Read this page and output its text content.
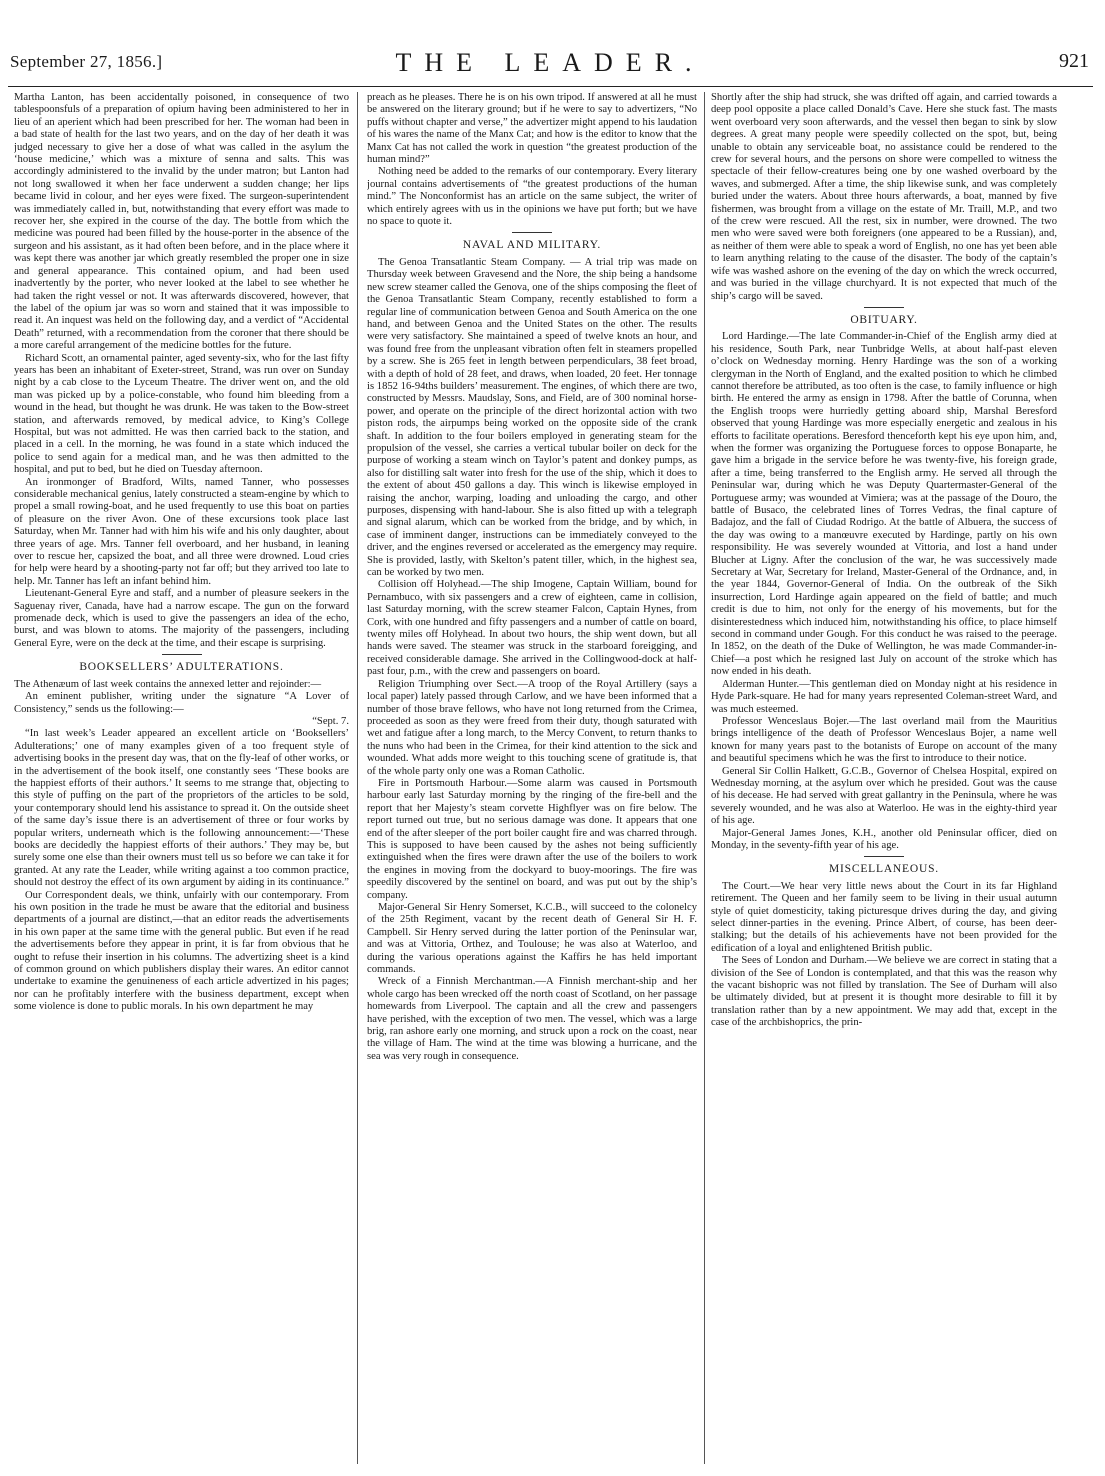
September 27, 1856.]	THE LEADER.	921

Martha Lanton, has been accidentally poisoned, in consequence of two tablespoonsfuls of a preparation of opium having been administered to her in lieu of an aperient which had been prescribed for her. The woman had been in a bad state of health for the last two years, and on the day of her death it was judged necessary to give her a dose of what was called in the asylum the ‘house medicine,’ which was a mixture of senna and salts. This was accordingly administered to the invalid by the under matron; but Lanton had not long swallowed it when her face underwent a sudden change; her lips became livid in colour, and her eyes were fixed. The surgeon-superintendent was immediately called in, but, notwithstanding that every effort was made to recover her, she expired in the course of the day. The bottle from which the medicine was poured had been filled by the house-porter in the absence of the surgeon and his assistant, as it had often been before, and in the place where it was kept there was another jar which greatly resembled the proper one in size and general appearance. This contained opium, and had been used inadvertently by the porter, who never looked at the label to see whether he had taken the right vessel or not. It was afterwards discovered, however, that the label of the opium jar was so worn and stained that it was impossible to read it. An inquest was held on the following day, and a verdict of “Accidental Death” returned, with a recommendation from the coroner that there should be a more careful arrangement of the medicine bottles for the future.

Richard Scott, an ornamental painter, aged seventy-six, who for the last fifty years has been an inhabitant of Exeter-street, Strand, was run over on Sunday night by a cab close to the Lyceum Theatre. The driver went on, and the old man was picked up by a police-constable, who found him bleeding from a wound in the head, but thought he was drunk. He was taken to the Bow-street station, and afterwards removed, by medical advice, to King’s College Hospital, but was not admitted. He was then carried back to the station, and placed in a cell. In the morning, he was found in a state which induced the police to send again for a medical man, and he was then admitted to the hospital, and put to bed, but he died on Tuesday afternoon.

An ironmonger of Bradford, Wilts, named Tanner, who possesses considerable mechanical genius, lately constructed a steam-engine by which to propel a small rowing-boat, and he used frequently to use this boat on parties of pleasure on the river Avon. One of these excursions took place last Saturday, when Mr. Tanner had with him his wife and his only daughter, about three years of age. Mrs. Tanner fell overboard, and her husband, in leaning over to rescue her, capsized the boat, and all three were drowned. Loud cries for help were heard by a shooting-party not far off; but they arrived too late to help. Mr. Tanner has left an infant behind him.

Lieutenant-General Eyre and staff, and a number of pleasure seekers in the Saguenay river, Canada, have had a narrow escape. The gun on the forward promenade deck, which is used to give the passengers an idea of the echo, burst, and was blown to atoms. The majority of the passengers, including General Eyre, were on the deck at the time, and their escape is surprising.

BOOKSELLERS’ ADULTERATIONS.

The Athenæum of last week contains the annexed letter and rejoinder:—

An eminent publisher, writing under the signature “A Lover of Consistency,” sends us the following:—

“Sept. 7.

“In last week’s Leader appeared an excellent article on ‘Booksellers’ Adulterations;’ one of many examples given of a too frequent style of advertising books in the present day was, that on the fly-leaf of other works, or in the advertisement of the book itself, one constantly sees ‘These books are the happiest efforts of their authors.’ It seems to me strange that, objecting to this style of puffing on the part of the proprietors of the articles to be sold, your contemporary should lend his assistance to spread it. On the outside sheet of the same day’s issue there is an advertisement of three or four works by popular writers, underneath which is the following announcement:—‘These books are decidedly the happiest efforts of their authors.’ They may be, but surely some one else than their owners must tell us so before we can take it for granted. At any rate the Leader, while writing against a too common practice, should not destroy the effect of its own argument by aiding in its continuance.”

Our Correspondent deals, we think, unfairly with our contemporary. From his own position in the trade he must be aware that the editorial and business departments of a journal are distinct,—that an editor reads the advertisements in his own paper at the same time with the general public. But even if he read the advertisements before they appear in print, it is far from obvious that he ought to refuse their insertion in his columns. The advertizing sheet is a kind of common ground on which publishers display their wares. An editor cannot undertake to examine the genuineness of each article advertized in his pages; nor can he profitably interfere with the business department, except when some violence is done to public morals. In his own department he may

preach as he pleases. There he is on his own tripod. If answered at all he must be answered on the literary ground; but if he were to say to advertizers, “No puffs without chapter and verse,” the advertizer might append to his laudation of his wares the name of the Manx Cat; and how is the editor to know that the Manx Cat has not called the work in question “the greatest production of the human mind?”

Nothing need be added to the remarks of our contemporary. Every literary journal contains advertisements of “the greatest productions of the human mind.” The Nonconformist has an article on the same subject, the writer of which entirely agrees with us in the opinions we have put forth; but we have no space to quote it.

NAVAL AND MILITARY.

The Genoa Transatlantic Steam Company. — A trial trip was made on Thursday week between Gravesend and the Nore, the ship being a handsome new screw steamer called the Genova, one of the ships composing the fleet of the Genoa Transatlantic Steam Company, recently established to form a regular line of communication between Genoa and South America on the one hand, and between Genoa and the United States on the other. The results were very satisfactory. She maintained a speed of twelve knots an hour, and was found free from the unpleasant vibration often felt in steamers propelled by a screw. She is 265 feet in length between perpendiculars, 38 feet broad, with a depth of hold of 28 feet, and draws, when loaded, 20 feet. Her tonnage is 1852 16-94ths builders’ measurement. The engines, of which there are two, constructed by Messrs. Maudslay, Sons, and Field, are of 300 nominal horse-power, and operate on the principle of the direct horizontal action with two piston rods, the airpumps being worked on the opposite side of the crank shaft. In addition to the four boilers employed in generating steam for the propulsion of the vessel, she carries a vertical tubular boiler on deck for the purpose of working a steam winch on Taylor’s patent and donkey pumps, as also for distilling salt water into fresh for the use of the ship, which it does to the extent of about 450 gallons a day. This winch is likewise employed in raising the anchor, warping, loading and unloading the cargo, and other purposes, dispensing with hand-labour. She is also fitted up with a telegraph and signal alarum, which can be worked from the bridge, and by which, in case of imminent danger, instructions can be immediately conveyed to the driver, and the engines reversed or accelerated as the emergency may require. She is provided, lastly, with Skelton’s patent tiller, which, in the highest sea, can be worked by two men.

Collision off Holyhead.—The ship Imogene, Captain William, bound for Pernambuco, with six passengers and a crew of eighteen, came in collision, last Saturday morning, with the screw steamer Falcon, Captain Hynes, from Cork, with one hundred and fifty passengers and a number of cattle on board, twenty miles off Holyhead. In about two hours, the ship went down, but all hands were saved. The steamer was struck in the starboard foreigging, and received considerable damage. She arrived in the Collingwood-dock at half-past four, p.m., with the crew and passengers on board.

Religion Triumphing over Sect.—A troop of the Royal Artillery (says a local paper) lately passed through Carlow, and we have been informed that a number of those brave fellows, who have not long returned from the Crimea, proceeded as soon as they were freed from their duty, though saturated with wet and fatigue after a long march, to the Mercy Convent, to return thanks to the nuns who had been in the Crimea, for their kind attention to the sick and wounded. What adds more weight to this touching scene of gratitude is, that of the whole party only one was a Roman Catholic.

Fire in Portsmouth Harbour.—Some alarm was caused in Portsmouth harbour early last Saturday morning by the ringing of the fire-bell and the report that her Majesty’s steam corvette Highflyer was on fire below. The report turned out true, but no serious damage was done. It appears that one end of the after sleeper of the port boiler caught fire and was charred through. This is supposed to have been caused by the ashes not being sufficiently extinguished when the fires were drawn after the use of the boilers to work the engines in moving from the dockyard to buoy-moorings. The fire was speedily discovered by the sentinel on board, and was put out by the ship’s company.

Major-General Sir Henry Somerset, K.C.B., will succeed to the colonelcy of the 25th Regiment, vacant by the recent death of General Sir H. F. Campbell. Sir Henry served during the latter portion of the Peninsular war, and was at Vittoria, Orthez, and Toulouse; he was also at Waterloo, and during the various operations against the Kaffirs he has held important commands.

Wreck of a Finnish Merchantman.—A Finnish merchant-ship and her whole cargo has been wrecked off the north coast of Scotland, on her passage homewards from Liverpool. The captain and all the crew and passengers have perished, with the exception of two men. The vessel, which was a large brig, ran ashore early one morning, and struck upon a rock on the coast, near the village of Ham. The wind at the time was blowing a hurricane, and the sea was very rough in consequence.

Shortly after the ship had struck, she was drifted off again, and carried towards a deep pool opposite a place called Donald’s Cave. Here she stuck fast. The masts went overboard very soon afterwards, and the vessel then began to sink by slow degrees. A great many people were speedily collected on the spot, but, being unable to obtain any serviceable boat, no assistance could be rendered to the crew for several hours, and the persons on shore were compelled to witness the spectacle of their fellow-creatures being one by one washed overboard by the waves, and submerged. After a time, the ship likewise sunk, and was completely buried under the waters. About three hours afterwards, a boat, manned by five fishermen, was brought from a village on the estate of Mr. Traill, M.P., and two of the crew were rescued. All the rest, six in number, were drowned. The two men who were saved were both foreigners (one appeared to be a Russian), and, as neither of them were able to speak a word of English, no one has yet been able to learn anything relating to the cause of the disaster. The body of the captain’s wife was washed ashore on the evening of the day on which the wreck occurred, and was buried in the village churchyard. It is not expected that much of the ship’s cargo will be saved.

OBITUARY.

Lord Hardinge.—The late Commander-in-Chief of the English army died at his residence, South Park, near Tunbridge Wells, at about half-past eleven o’clock on Wednesday morning. Henry Hardinge was the son of a working clergyman in the North of England, and the exalted position to which he climbed cannot therefore be attributed, as too often is the case, to family influence or high birth. He entered the army as ensign in 1798. After the battle of Corunna, when the English troops were hurriedly getting aboard ship, Marshal Beresford observed that young Hardinge was more especially energetic and zealous in his efforts to facilitate operations. Beresford thenceforth kept his eye upon him, and, when the former was organizing the Portuguese forces to oppose Bonaparte, he gave him a brigade in the service before he was twenty-five, his foreign grade, after a time, being transferred to the English army. He served all through the Peninsular war, during which he was Deputy Quartermaster-General of the Portuguese army; was wounded at Vimiera; was at the passage of the Douro, the battle of Busaco, the celebrated lines of Torres Vedras, the final capture of Badajoz, and the fall of Ciudad Rodrigo. At the battle of Albuera, the success of the day was owing to a manœuvre executed by Hardinge, partly on his own responsibility. He was severely wounded at Vittoria, and lost a hand under Blucher at Ligny. After the conclusion of the war, he was successively made Secretary at War, Secretary for Ireland, Master-General of the Ordnance, and, in the year 1844, Governor-General of India. On the outbreak of the Sikh insurrection, Lord Hardinge again appeared on the field of battle; and much credit is due to him, not only for the energy of his movements, but for the disinterestedness which induced him, notwithstanding his office, to place himself second in command under Gough. For this conduct he was raised to the peerage. In 1852, on the death of the Duke of Wellington, he was made Commander-in-Chief—a post which he resigned last July on account of the stroke which has now ended in his death.

Alderman Hunter.—This gentleman died on Monday night at his residence in Hyde Park-square. He had for many years represented Coleman-street Ward, and was much esteemed.

Professor Wenceslaus Bojer.—The last overland mail from the Mauritius brings intelligence of the death of Professor Wenceslaus Bojer, a name well known for many years past to the botanists of Europe on account of the many and beautiful specimens which he was the first to introduce to their notice.

General Sir Collin Halkett, G.C.B., Governor of Chelsea Hospital, expired on Wednesday morning, at the asylum over which he presided. Gout was the cause of his decease. He had served with great gallantry in the Peninsula, where he was severely wounded, and he was also at Waterloo. He was in the eighty-third year of his age.

Major-General James Jones, K.H., another old Peninsular officer, died on Monday, in the seventy-fifth year of his age.

MISCELLANEOUS.

The Court.—We hear very little news about the Court in its far Highland retirement. The Queen and her family seem to be living in their usual autumn style of quiet domesticity, taking picturesque drives during the day, and giving select dinner-parties in the evening. Prince Albert, of course, has been deer-stalking; but the details of his achievements have not been provided for the edification of a loyal and enlightened British public.

The Sees of London and Durham.—We believe we are correct in stating that a division of the See of London is contemplated, and that this was the reason why the vacant bishopric was not filled by translation. The See of Durham will also be ultimately divided, but at present it is thought more desirable to fill it by translation rather than by a new appointment. We may add that, except in the case of the archbishoprics, the prin-
